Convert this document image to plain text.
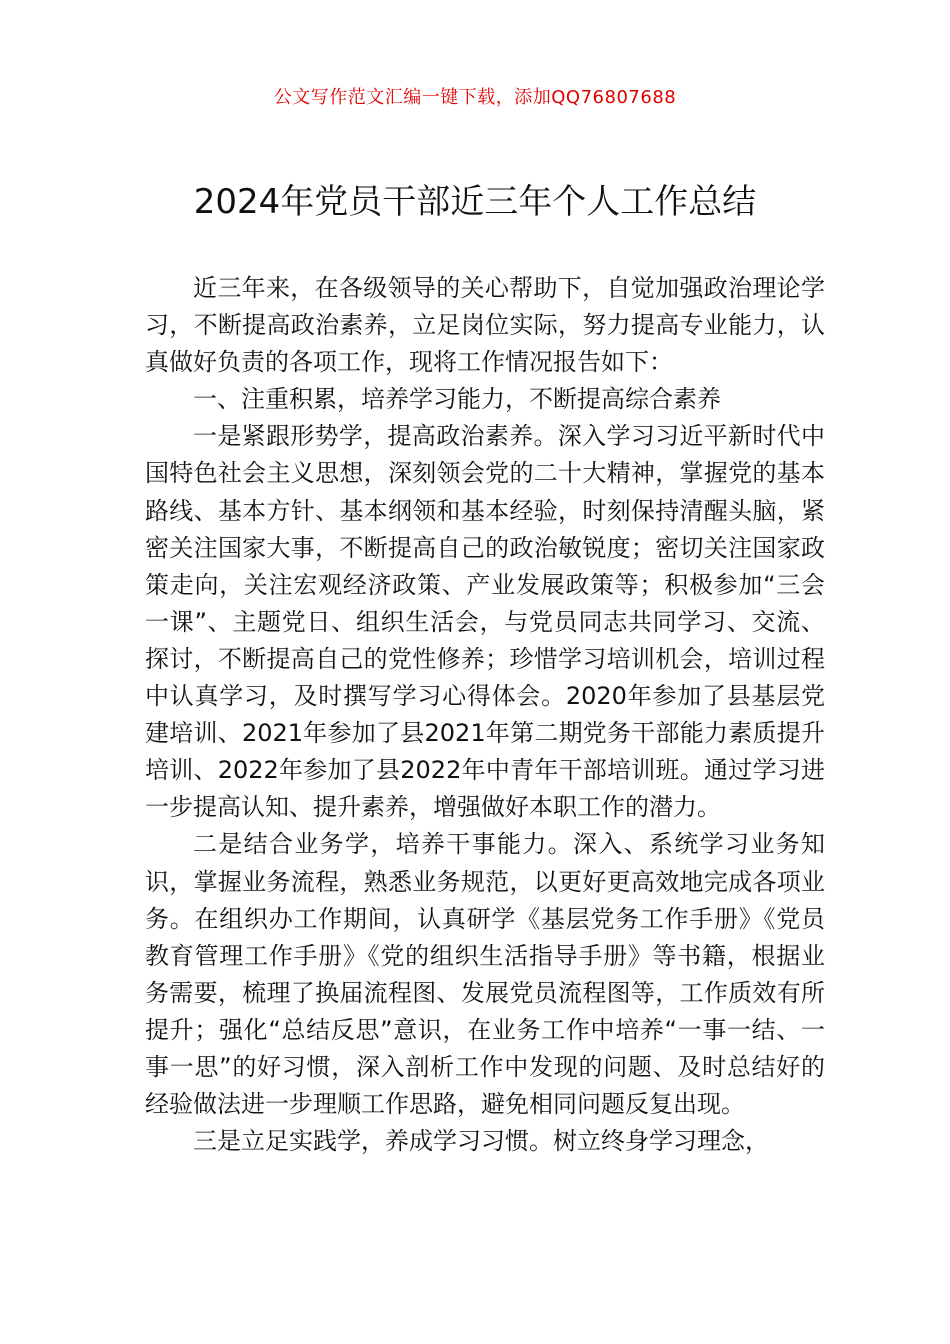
公文写作范文汇编一键下载，添加QQ76807688
2024年党员干部近三年个人工作总结

近三年来，在各级领导的关心帮助下，自觉加强政治理论学习，不断提高政治素养，立足岗位实际，努力提高专业能力，认真做好负责的各项工作，现将工作情况报告如下：

一、注重积累，培养学习能力，不断提高综合素养

一是紧跟形势学，提高政治素养。深入学习习近平新时代中国特色社会主义思想，深刻领会党的二十大精神，掌握党的基本路线、基本方针、基本纲领和基本经验，时刻保持清醒头脑，紧密关注国家大事，不断提高自己的政治敏锐度；密切关注国家政策走向，关注宏观经济政策、产业发展政策等；积极参加“三会一课”、主题党日、组织生活会，与党员同志共同学习、交流、探讨，不断提高自己的党性修养；珍惜学习培训机会，培训过程中认真学习，及时撰写学习心得体会。2020年参加了县基层党建培训、2021年参加了县2021年第二期党务干部能力素质提升培训、2022年参加了县2022年中青年干部培训班。通过学习进一步提高认知、提升素养，增强做好本职工作的潜力。

二是结合业务学，培养干事能力。深入、系统学习业务知识，掌握业务流程，熟悉业务规范，以更好更高效地完成各项业务。在组织办工作期间，认真研学《基层党务工作手册》《党员教育管理工作手册》《党的组织生活指导手册》等书籍，根据业务需要，梳理了换届流程图、发展党员流程图等，工作质效有所提升；强化“总结反思”意识，在业务工作中培养“一事一结、一事一思”的好习惯，深入剖析工作中发现的问题、及时总结好的经验做法进一步理顺工作思路，避免相同问题反复出现。

三是立足实践学，养成学习习惯。树立终身学习理念，
